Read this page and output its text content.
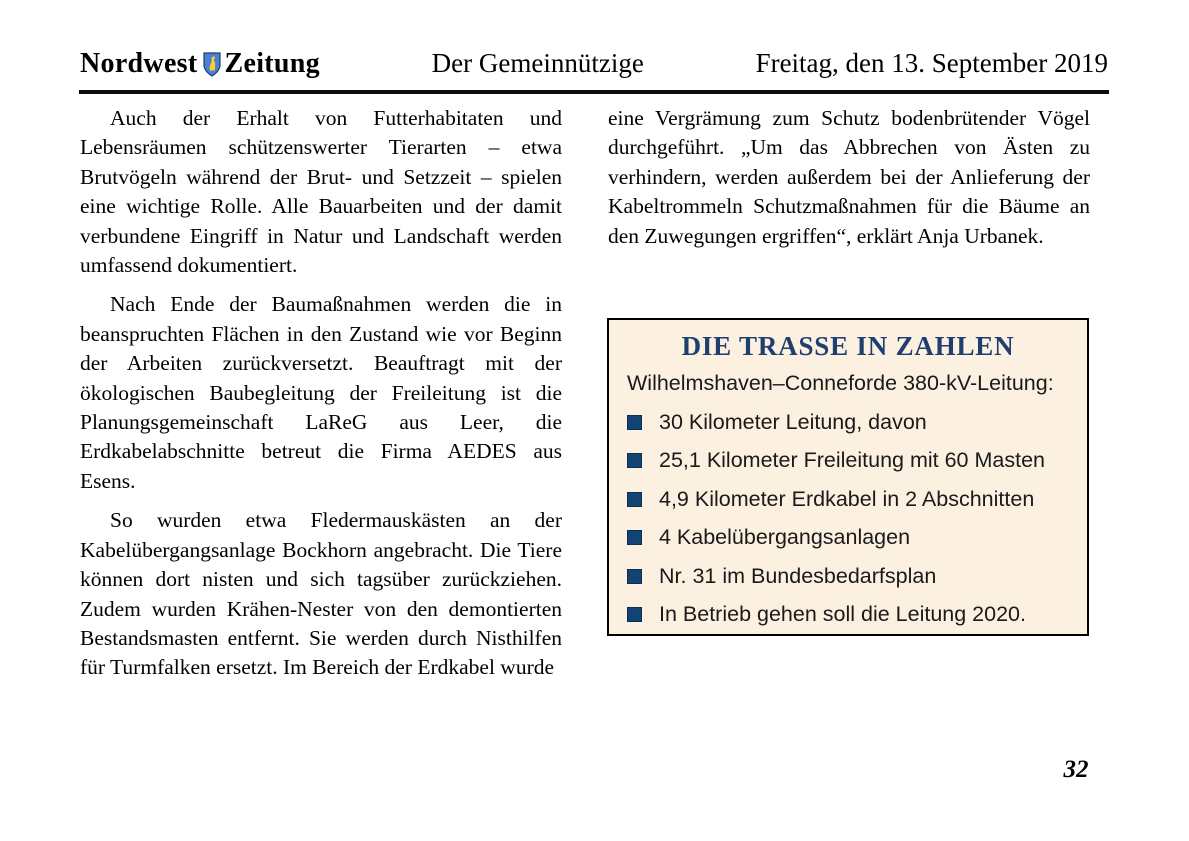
Nordwest Zeitung	Der Gemeinnützige	Freitag, den 13. September 2019

Auch der Erhalt von Futterhabitaten und Lebensräumen schützenswerter Tierarten – etwa Brutvögeln während der Brut- und Setzzeit – spielen eine wichtige Rolle. Alle Bauarbeiten und der damit verbundene Eingriff in Natur und Landschaft werden umfassend dokumentiert.

Nach Ende der Baumaßnahmen werden die in beanspruchten Flächen in den Zustand wie vor Beginn der Arbeiten zurückversetzt. Beauftragt mit der ökologischen Baubegleitung der Freileitung ist die Planungsgemeinschaft LaReG aus Leer, die Erdkabelabschnitte betreut die Firma AEDES aus Esens.

So wurden etwa Fledermauskästen an der Kabelübergangsanlage Bockhorn angebracht. Die Tiere können dort nisten und sich tagsüber zurückziehen. Zudem wurden Krähen-Nester von den demontierten Bestandsmasten entfernt. Sie werden durch Nisthilfen für Turmfalken ersetzt. Im Bereich der Erdkabel wurde

eine Vergrämung zum Schutz bodenbrütender Vögel durchgeführt. „Um das Abbrechen von Ästen zu verhindern, werden außerdem bei der Anlieferung der Kabeltrommeln Schutzmaßnahmen für die Bäume an den Zuwegungen ergriffen“, erklärt Anja Urbanek.

DIE TRASSE IN ZAHLEN

Wilhelmshaven–Conneforde 380-kV-Leitung:

30 Kilometer Leitung, davon
25,1 Kilometer Freileitung mit 60 Masten
4,9 Kilometer Erdkabel in 2 Abschnitten
4 Kabelübergangsanlagen
Nr. 31 im Bundesbedarfsplan
In Betrieb gehen soll die Leitung 2020.
32
